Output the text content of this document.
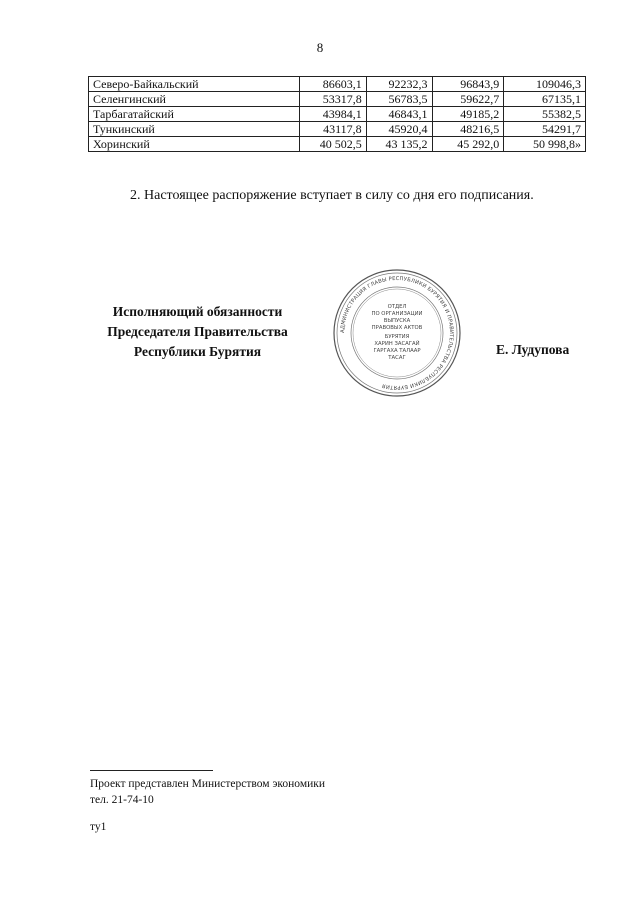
8
Северо-Байкальский	86603,1	92232,3	96843,9	109046,3
Селенгинский	53317,8	56783,5	59622,7	67135,1
Тарбагатайский	43984,1	46843,1	49185,2	55382,5
Тункинский	43117,8	45920,4	48216,5	54291,7
Хоринский	40 502,5	43 135,2	45 292,0	50 998,8»
2. Настоящее распоряжение вступает в силу со дня его подписания.
Исполняющий обязанности
Председателя Правительства
Республики Бурятия
АДМИНИСТРАЦИЯ ГЛАВЫ РЕСПУБЛИКИ БУРЯТИЯ И ПРАВИТЕЛЬСТВА РЕСПУБЛИКИ БУРЯТИЯ
ОТДЕЛ
ПО ОРГАНИЗАЦИИ
ВЫПУСКА
ПРАВОВЫХ АКТОВ
БУРЯТИЯ
ХАРИН ЗАСАГАЙ
ГАРГАХА ТАЛААР
ТАСАГ
Е. Лудупова
Проект представлен Министерством экономики
тел. 21-74-10
ту1
